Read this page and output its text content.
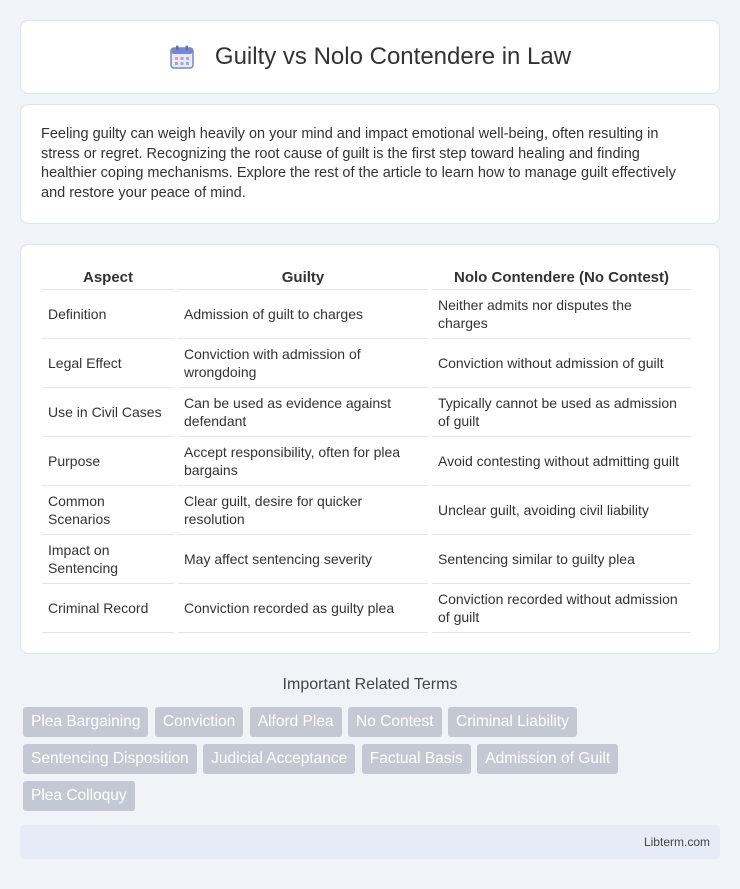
Guilty vs Nolo Contendere in Law

Feeling guilty can weigh heavily on your mind and impact emotional well-being, often resulting in stress or regret. Recognizing the root cause of guilt is the first step toward healing and finding healthier coping mechanisms. Explore the rest of the article to learn how to manage guilt effectively and restore your peace of mind.

Aspect	Guilty	Nolo Contendere (No Contest)
Definition	Admission of guilt to charges	Neither admits nor disputes the charges
Legal Effect	Conviction with admission of wrongdoing	Conviction without admission of guilt
Use in Civil Cases	Can be used as evidence against defendant	Typically cannot be used as admission of guilt
Purpose	Accept responsibility, often for plea bargains	Avoid contesting without admitting guilt
Common Scenarios	Clear guilt, desire for quicker resolution	Unclear guilt, avoiding civil liability
Impact on Sentencing	May affect sentencing severity	Sentencing similar to guilty plea
Criminal Record	Conviction recorded as guilty plea	Conviction recorded without admission of guilt
Important Related Terms
Plea Bargaining Conviction Alford Plea No Contest Criminal Liability Sentencing Disposition Judicial Acceptance Factual Basis Admission of Guilt Plea Colloquy
Libterm.com
